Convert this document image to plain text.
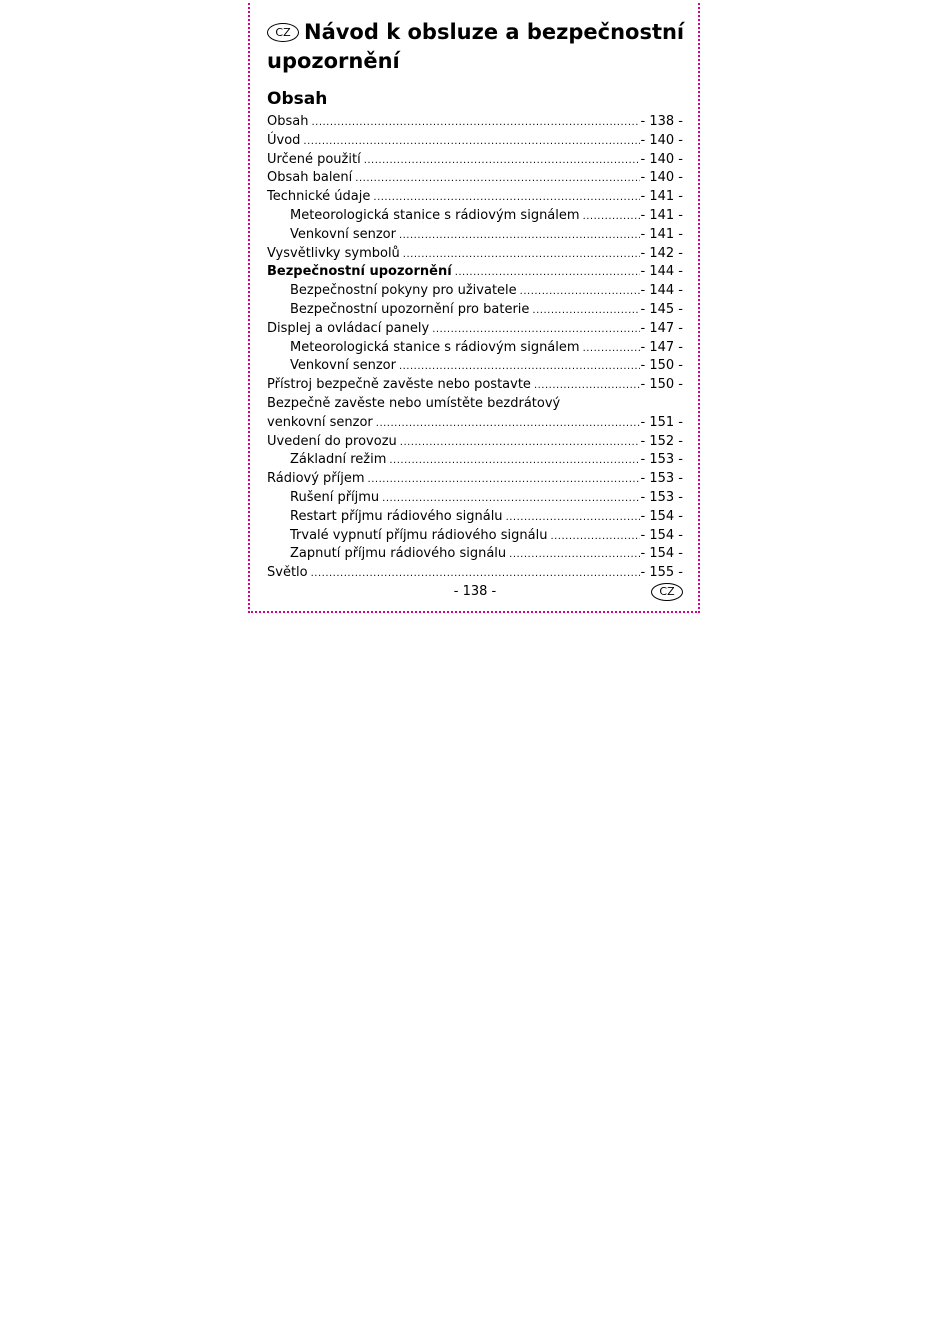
CZ Návod k obsluze a bezpečnostní upozornění
Obsah
Obsah .....	- 138 -
Úvod .....	- 140 -
Určené použití .....	- 140 -
Obsah balení .....	- 140 -
Technické údaje .....	- 141 -
Meteorologická stanice s rádiovým signálem .....	- 141 -
Venkovní senzor .....	- 141 -
Vysvětlivky symbolů .....	- 142 -
Bezpečnostní upozornění .....	- 144 -
Bezpečnostní pokyny pro uživatele .....	- 144 -
Bezpečnostní upozornění pro baterie .....	- 145 -
Displej a ovládací panely .....	- 147 -
Meteorologická stanice s rádiovým signálem .....	- 147 -
Venkovní senzor .....	- 150 -
Přístroj bezpečně zavěste nebo postavte .....	- 150 -
Bezpečně zavěste nebo umístěte bezdrátový
venkovní senzor .....	- 151 -
Uvedení do provozu .....	- 152 -
Základní režim .....	- 153 -
Rádiový příjem .....	- 153 -
Rušení příjmu .....	- 153 -
Restart příjmu rádiového signálu .....	- 154 -
Trvalé vypnutí příjmu rádiového signálu .....	- 154 -
Zapnutí příjmu rádiového signálu .....	- 154 -
Světlo .....	- 155 -
- 138 -	CZ
